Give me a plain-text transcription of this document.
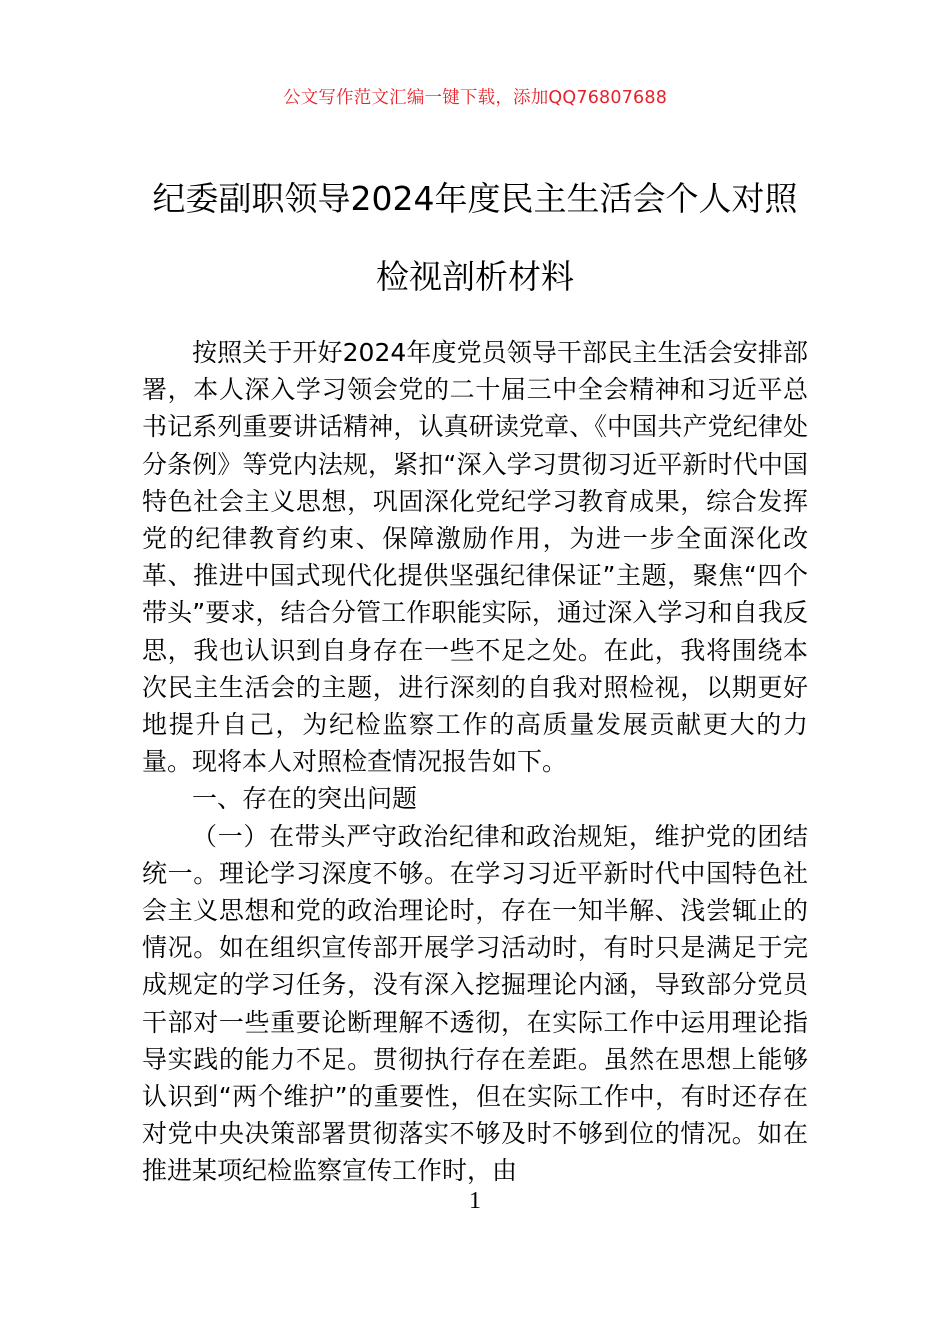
公文写作范文汇编一键下载，添加QQ76807688
纪委副职领导2024年度民主生活会个人对照检视剖析材料

按照关于开好2024年度党员领导干部民主生活会安排部署，本人深入学习领会党的二十届三中全会精神和习近平总书记系列重要讲话精神，认真研读党章、《中国共产党纪律处分条例》等党内法规，紧扣“深入学习贯彻习近平新时代中国特色社会主义思想，巩固深化党纪学习教育成果，综合发挥党的纪律教育约束、保障激励作用，为进一步全面深化改革、推进中国式现代化提供坚强纪律保证”主题，聚焦“四个带头”要求，结合分管工作职能实际，通过深入学习和自我反思，我也认识到自身存在一些不足之处。在此，我将围绕本次民主生活会的主题，进行深刻的自我对照检视，以期更好地提升自己，为纪检监察工作的高质量发展贡献更大的力量。现将本人对照检查情况报告如下。

一、存在的突出问题

（一）在带头严守政治纪律和政治规矩，维护党的团结统一。理论学习深度不够。在学习习近平新时代中国特色社会主义思想和党的政治理论时，存在一知半解、浅尝辄止的情况。如在组织宣传部开展学习活动时，有时只是满足于完成规定的学习任务，没有深入挖掘理论内涵，导致部分党员干部对一些重要论断理解不透彻，在实际工作中运用理论指导实践的能力不足。贯彻执行存在差距。虽然在思想上能够认识到“两个维护”的重要性，但在实际工作中，有时还存在对党中央决策部署贯彻落实不够及时不够到位的情况。如在推进某项纪检监察宣传工作时，由

1
